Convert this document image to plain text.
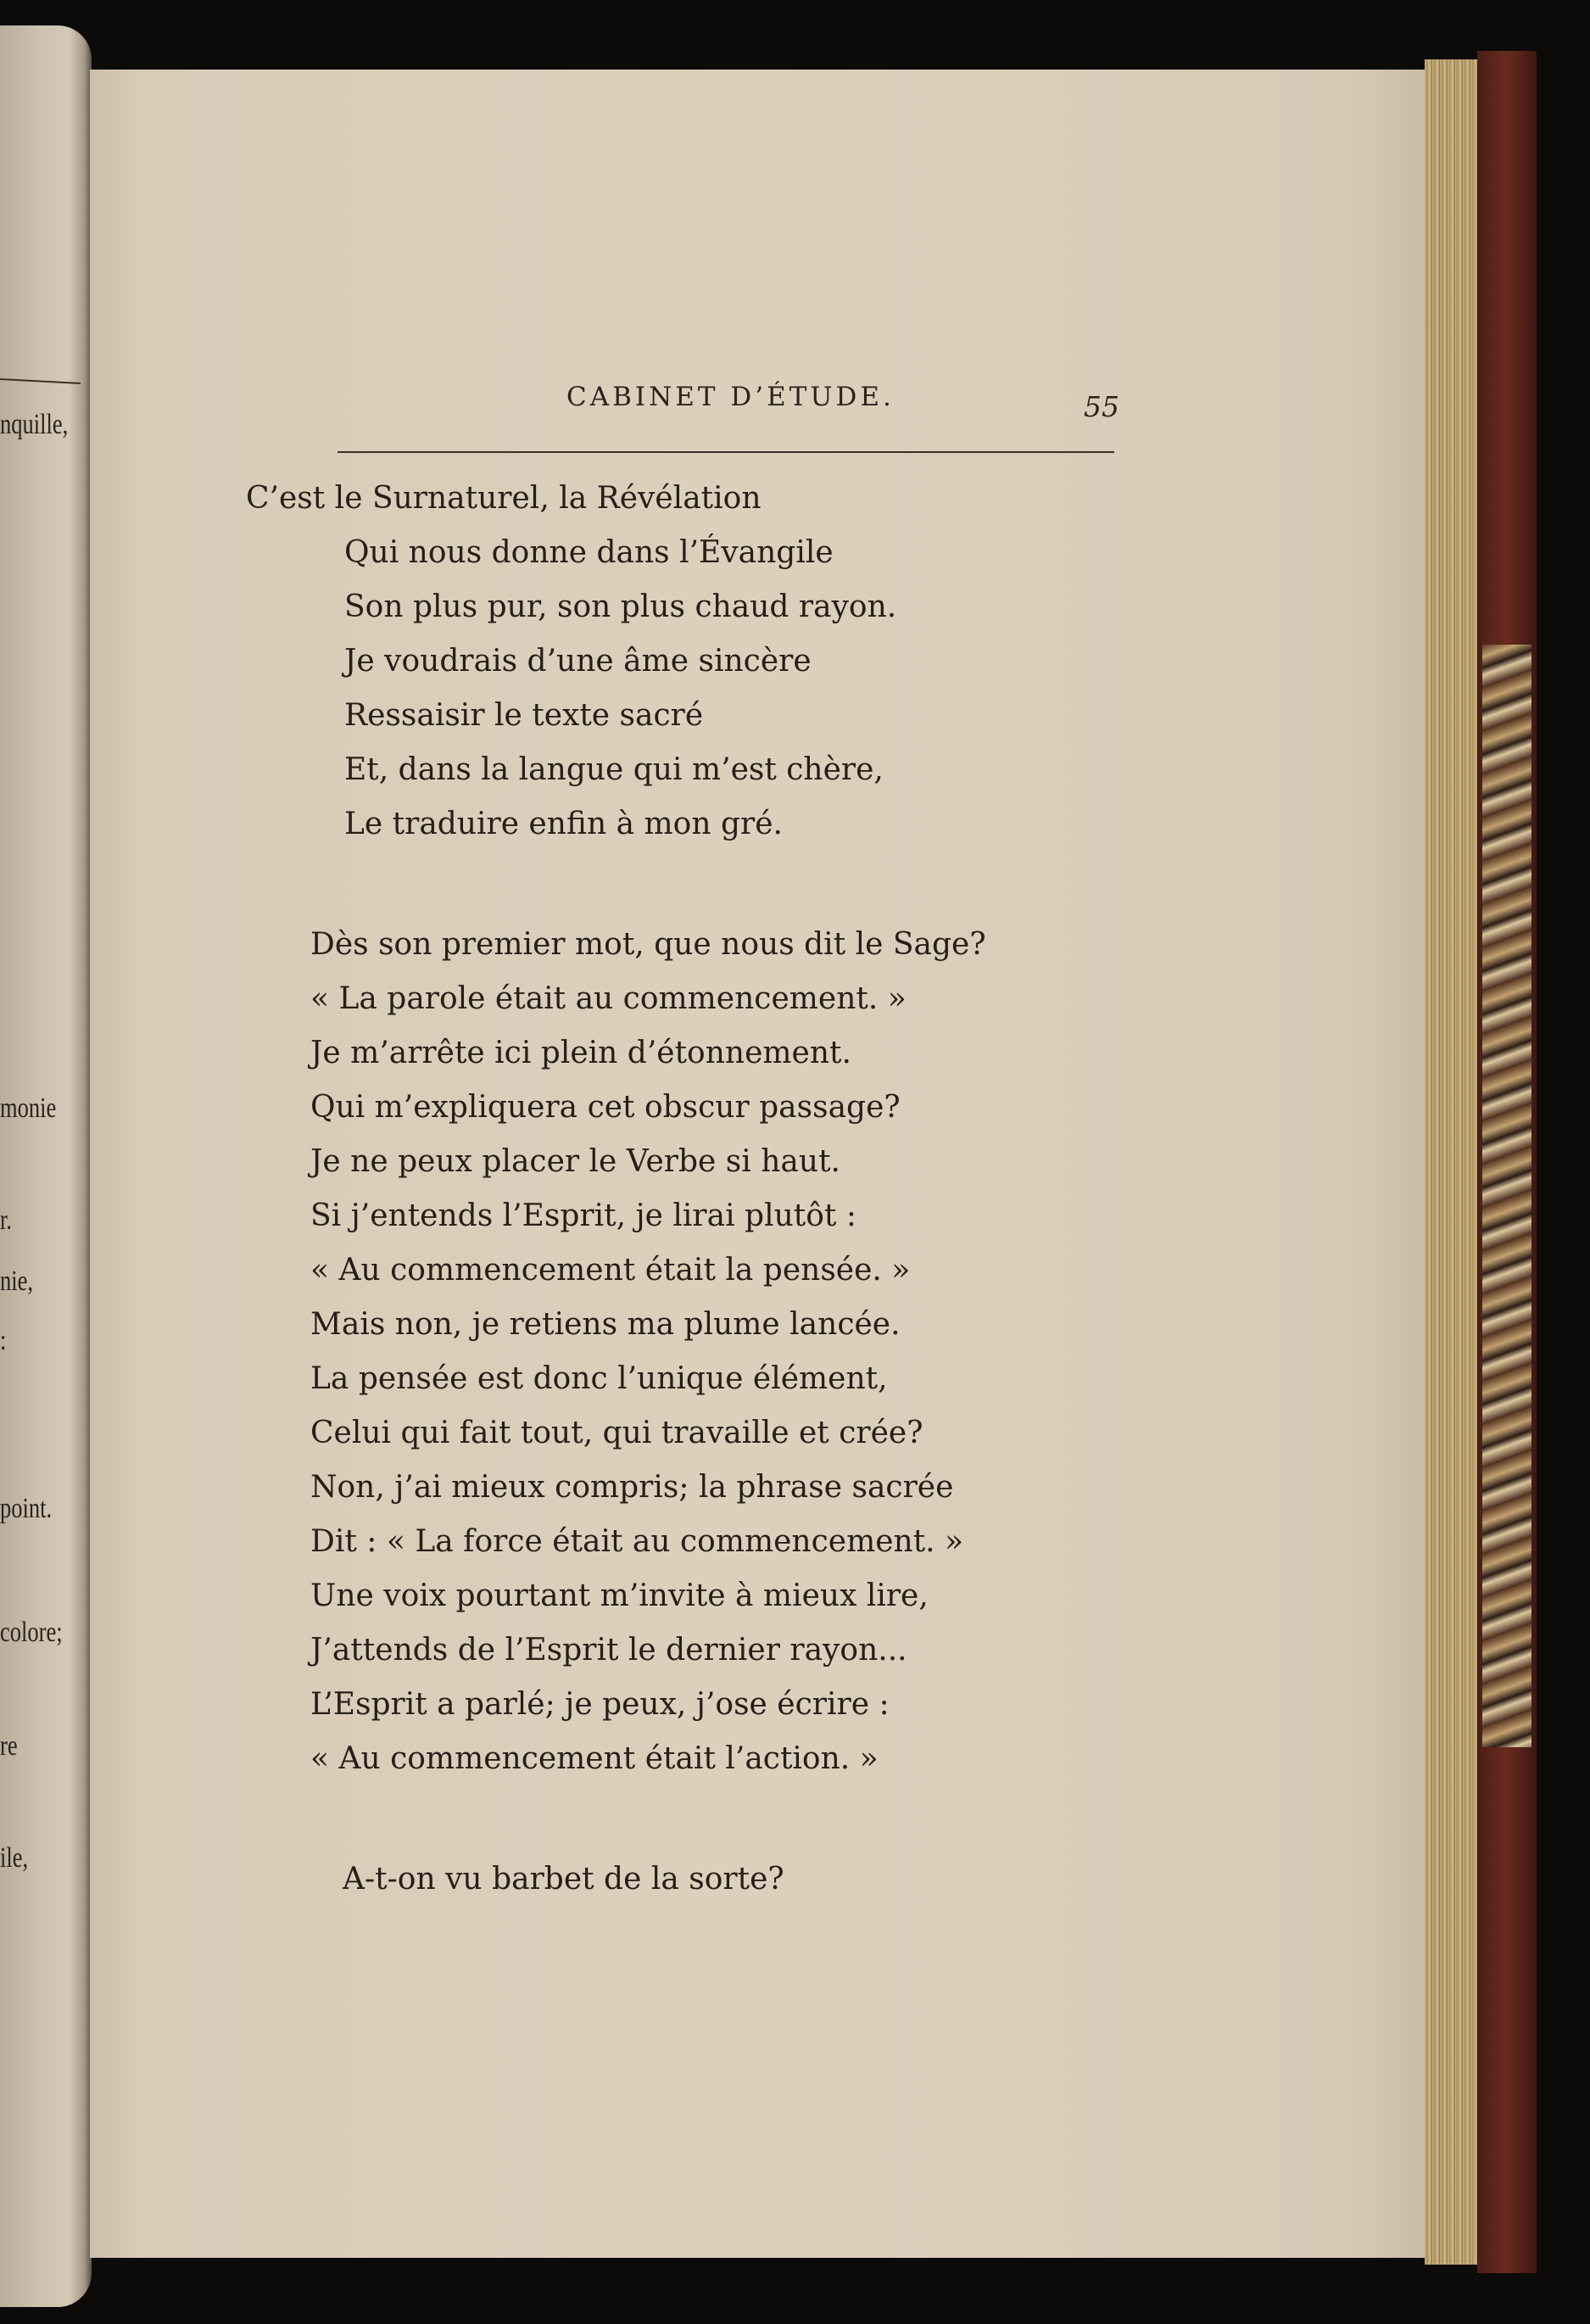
nquille,
monie
r.
nie,
:
point.
colore;
re
ile,
CABINET D’ÉTUDE.	55
C’est le Surnaturel, la Révélation
Qui nous donne dans l’Évangile
Son plus pur, son plus chaud rayon.
Je voudrais d’une âme sincère
Ressaisir le texte sacré
Et, dans la langue qui m’est chère,
Le traduire enfin à mon gré.
Dès son premier mot, que nous dit le Sage?
« La parole était au commencement. »
Je m’arrête ici plein d’étonnement.
Qui m’expliquera cet obscur passage?
Je ne peux placer le Verbe si haut.
Si j’entends l’Esprit, je lirai plutôt :
« Au commencement était la pensée. »
Mais non, je retiens ma plume lancée.
La pensée est donc l’unique élément,
Celui qui fait tout, qui travaille et crée?
Non, j’ai mieux compris; la phrase sacrée
Dit : « La force était au commencement. »
Une voix pourtant m’invite à mieux lire,
J’attends de l’Esprit le dernier rayon...
L’Esprit a parlé; je peux, j’ose écrire :
« Au commencement était l’action. »
A-t-on vu barbet de la sorte?
